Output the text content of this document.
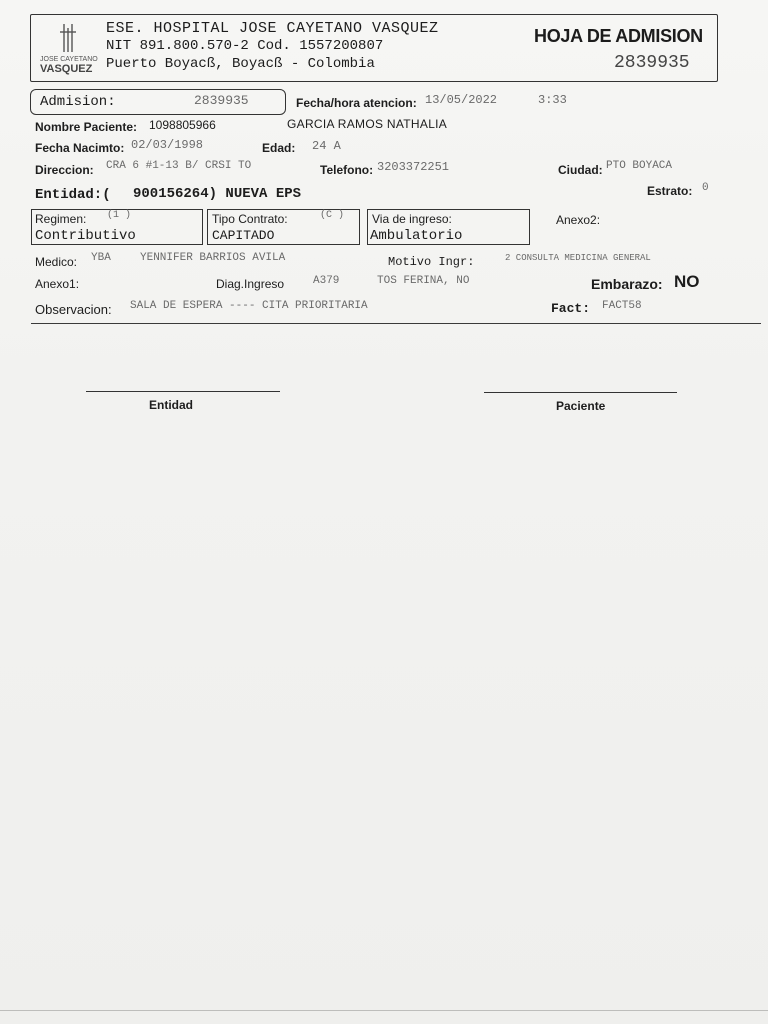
JOSE CAYETANO
VASQUEZ
ESE. HOSPITAL JOSE CAYETANO VASQUEZ
NIT 891.800.570-2 Cod. 1557200807
Puerto Boyacß, Boyacß - Colombia
HOJA DE ADMISION
2839935
Admision:	2839935	Fecha/hora atencion: 13/05/2022	3:33
Nombre Paciente: 1098805966	GARCIA RAMOS NATHALIA
Fecha Nacimto: 02/03/1998	Edad: 24 A
Direccion: CRA 6 #1-13 B/ CRSI TO	Telefono: 3203372251	Ciudad: PTO BOYACA
Entidad:( 900156264) NUEVA EPS	Estrato: 0
Regimen: (1 )
Contributivo
Tipo Contrato:	(C )
CAPITADO
Via de ingreso:
Ambulatorio
Anexo2:
Medico: YBA	YENNIFER BARRIOS AVILA	Motivo Ingr:	2 CONSULTA MEDICINA GENERAL
Anexo1:	Diag.Ingreso	A379	TOS FERINA, NO	Embarazo: NO
Observacion: SALA DE ESPERA ---- CITA PRIORITARIA	Fact: FACT58
Entidad	Paciente
